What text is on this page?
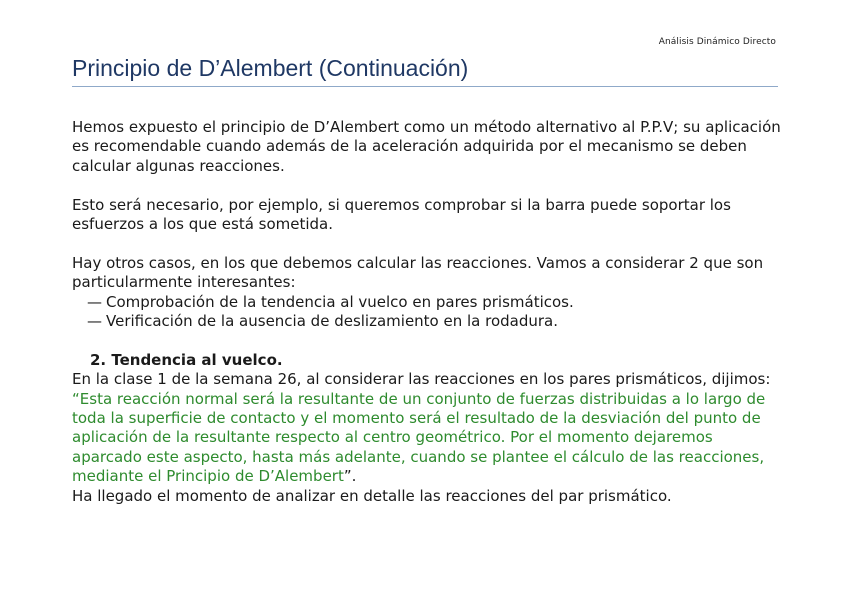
Análisis Dinámico Directo
Principio de D’Alembert (Continuación)

Hemos expuesto el principio de D’Alembert como un método alternativo al P.P.V; su aplicación es recomendable cuando además de la aceleración adquirida por el mecanismo se deben calcular algunas reacciones.

Esto será necesario, por ejemplo, si queremos comprobar si la barra puede soportar los esfuerzos a los que está sometida.

Hay otros casos, en los que debemos calcular las reacciones. Vamos a considerar 2 que son particularmente interesantes:

— Comprobación de la tendencia al vuelco en pares prismáticos.
— Verificación de la ausencia de deslizamiento en la rodadura.
2. Tendencia al vuelco.

En la clase 1 de la semana 26, al considerar las reacciones en los pares prismáticos, dijimos:  “Esta reacción normal será la resultante de un conjunto de fuerzas distribuidas a lo largo de toda la superficie de contacto y el momento será el resultado de la desviación del punto de aplicación de la resultante respecto al centro geométrico. Por el momento dejaremos aparcado este aspecto, hasta más adelante, cuando se plantee el cálculo de las reacciones, mediante el Principio de D’Alembert”.

Ha llegado el momento de analizar en detalle las reacciones del par prismático.
